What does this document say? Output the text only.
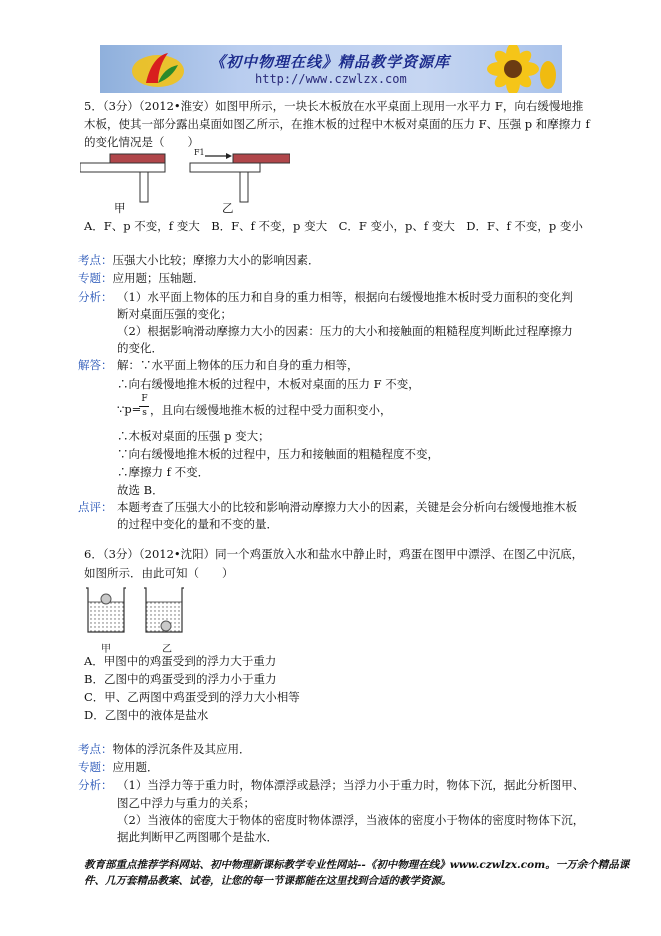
《初中物理在线》精品教学资源库
http://www.czwlzx.com
5．（3分）（2012•淮安）如图甲所示，一块长木板放在水平桌面上现用一水平力 F，向右缓慢地推
木板，使其一部分露出桌面如图乙所示，在推木板的过程中木板对桌面的压力 F、压强 p 和摩擦力 f
的变化情况是（　　）
F1
甲	乙
A．F、p 不变，f 变大　B．F、f 不变，p 变大　C．F 变小，p、f 变大　D．F、f 不变，p 变小
考点：压强大小比较；摩擦力大小的影响因素．
专题：应用题；压轴题．
分析： （1）水平面上物体的压力和自身的重力相等，根据向右缓慢地推木板时受力面积的变化判
断对桌面压强的变化；
（2）根据影响滑动摩擦力大小的因素：压力的大小和接触面的粗糙程度判断此过程摩擦力
的变化．
解答： 解：∵水平面上物体的压力和自身的重力相等，
∴向右缓慢地推木板的过程中，木板对桌面的压力 F 不变，
∵p=
F
s ，且向右缓慢地推木板的过程中受力面积变小，
∴木板对桌面的压强 p 变大；
∵向右缓慢地推木板的过程中，压力和接触面的粗糙程度不变，
∴摩擦力 f 不变．
故选 B．
点评： 本题考查了压强大小的比较和影响滑动摩擦力大小的因素，关键是会分析向右缓慢地推木板
的过程中变化的量和不变的量．
6．（3分）（2012•沈阳）同一个鸡蛋放入水和盐水中静止时，鸡蛋在图甲中漂浮、在图乙中沉底，
如图所示．由此可知（　　）
甲	乙
A．甲图中的鸡蛋受到的浮力大于重力
B．乙图中的鸡蛋受到的浮力小于重力
C．甲、乙两图中鸡蛋受到的浮力大小相等
D．乙图中的液体是盐水
考点：物体的浮沉条件及其应用．
专题：应用题．
分析： （1）当浮力等于重力时，物体漂浮或悬浮；当浮力小于重力时，物体下沉，据此分析图甲、
图乙中浮力与重力的关系；
（2）当液体的密度大于物体的密度时物体漂浮，当液体的密度小于物体的密度时物体下沉，
据此判断甲乙两图哪个是盐水．
教育部重点推荐学科网站、初中物理新课标教学专业性网站--《初中物理在线》www.czwlzx.com。一万余个精品课
件、几万套精品教案、试卷，让您的每一节课都能在这里找到合适的教学资源。
